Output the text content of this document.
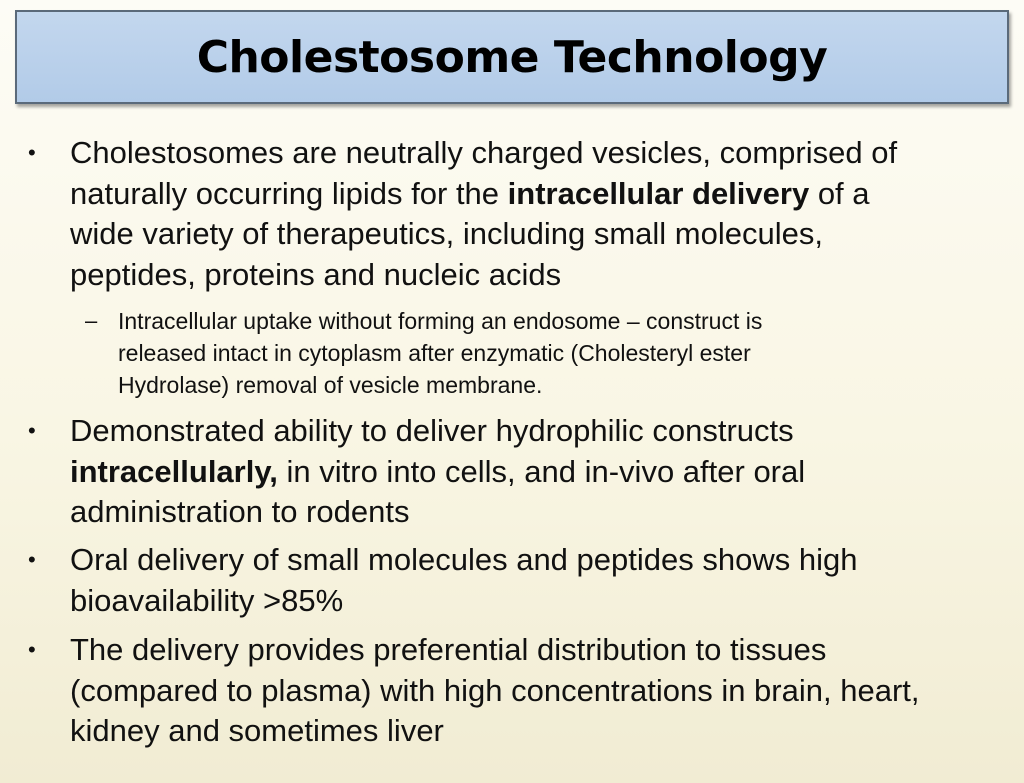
Cholestosome Technology
• Cholestosomes are neutrally charged vesicles, comprised of
naturally occurring lipids for the intracellular delivery of a
wide variety of therapeutics, including small molecules,
peptides, proteins and nucleic acids
– Intracellular uptake without forming an endosome – construct is
released intact in cytoplasm after enzymatic (Cholesteryl ester
Hydrolase) removal of vesicle membrane.
• Demonstrated ability to deliver hydrophilic constructs
intracellularly, in vitro into cells, and in-vivo after oral
administration to rodents
• Oral delivery of small molecules and peptides shows high
bioavailability >85%
• The delivery provides preferential distribution to tissues
(compared to plasma) with high concentrations in brain, heart,
kidney and sometimes liver
